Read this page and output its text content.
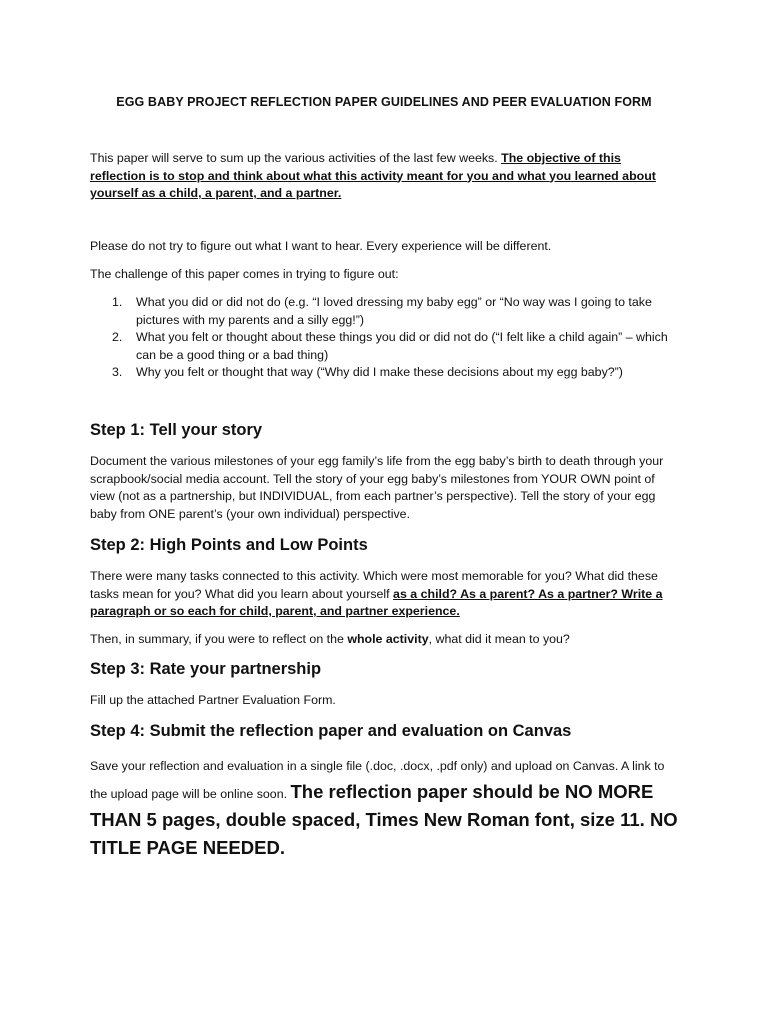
EGG BABY PROJECT REFLECTION PAPER GUIDELINES AND PEER EVALUATION FORM
This paper will serve to sum up the various activities of the last few weeks. The objective of this reflection is to stop and think about what this activity meant for you and what you learned about yourself as a child, a parent, and a partner.
Please do not try to figure out what I want to hear. Every experience will be different.
The challenge of this paper comes in trying to figure out:
1. What you did or did not do (e.g. “I loved dressing my baby egg” or “No way was I going to take pictures with my parents and a silly egg!”)
2. What you felt or thought about these things you did or did not do (“I felt like a child again” – which can be a good thing or a bad thing)
3. Why you felt or thought that way (“Why did I make these decisions about my egg baby?”)
Step 1: Tell your story
Document the various milestones of your egg family’s life from the egg baby’s birth to death through your scrapbook/social media account. Tell the story of your egg baby’s milestones from YOUR OWN point of view (not as a partnership, but INDIVIDUAL, from each partner’s perspective). Tell the story of your egg baby from ONE parent’s (your own individual) perspective.
Step 2: High Points and Low Points
There were many tasks connected to this activity. Which were most memorable for you? What did these tasks mean for you? What did you learn about yourself as a child? As a parent? As a partner? Write a paragraph or so each for child, parent, and partner experience.
Then, in summary, if you were to reflect on the whole activity, what did it mean to you?
Step 3: Rate your partnership
Fill up the attached Partner Evaluation Form.
Step 4: Submit the reflection paper and evaluation on Canvas
Save your reflection and evaluation in a single file (.doc, .docx, .pdf only) and upload on Canvas. A link to the upload page will be online soon. The reflection paper should be NO MORE THAN 5 pages, double spaced, Times New Roman font, size 11. NO TITLE PAGE NEEDED.
